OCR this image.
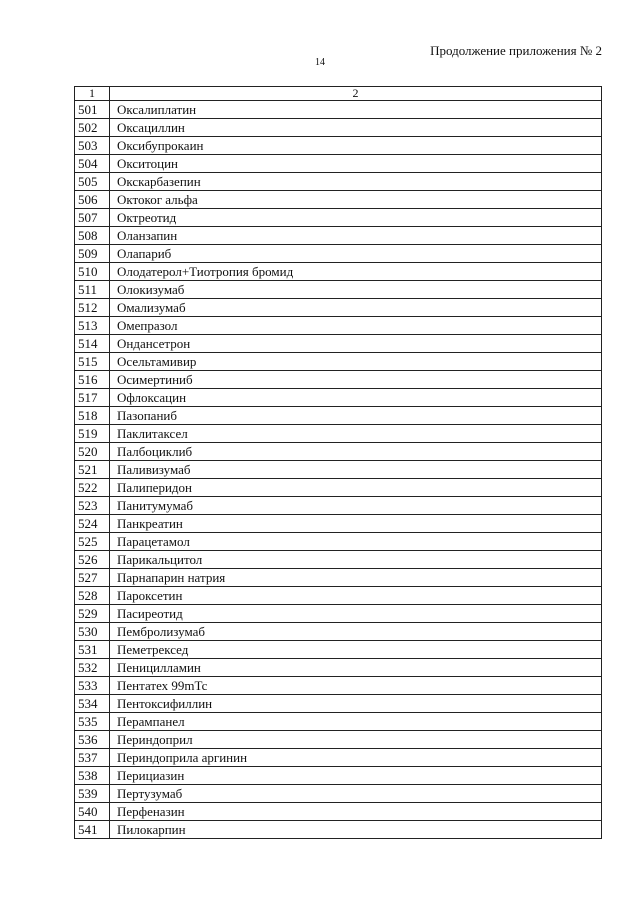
14
Продолжение приложения № 2
1	2
501	Оксалиплатин
502	Оксациллин
503	Оксибупрокаин
504	Окситоцин
505	Окскарбазепин
506	Октоког альфа
507	Октреотид
508	Оланзапин
509	Олапариб
510	Олодатерол+Тиотропия бромид
511	Олокизумаб
512	Омализумаб
513	Омепразол
514	Ондансетрон
515	Осельтамивир
516	Осимертиниб
517	Офлоксацин
518	Пазопаниб
519	Паклитаксел
520	Палбоциклиб
521	Паливизумаб
522	Палиперидон
523	Панитумумаб
524	Панкреатин
525	Парацетамол
526	Парикальцитол
527	Парнапарин натрия
528	Пароксетин
529	Пасиреотид
530	Пембролизумаб
531	Пеметрексед
532	Пеницилламин
533	Пентатех 99mTc
534	Пентоксифиллин
535	Перампанел
536	Периндоприл
537	Периндоприла аргинин
538	Перициазин
539	Пертузумаб
540	Перфеназин
541	Пилокарпин
